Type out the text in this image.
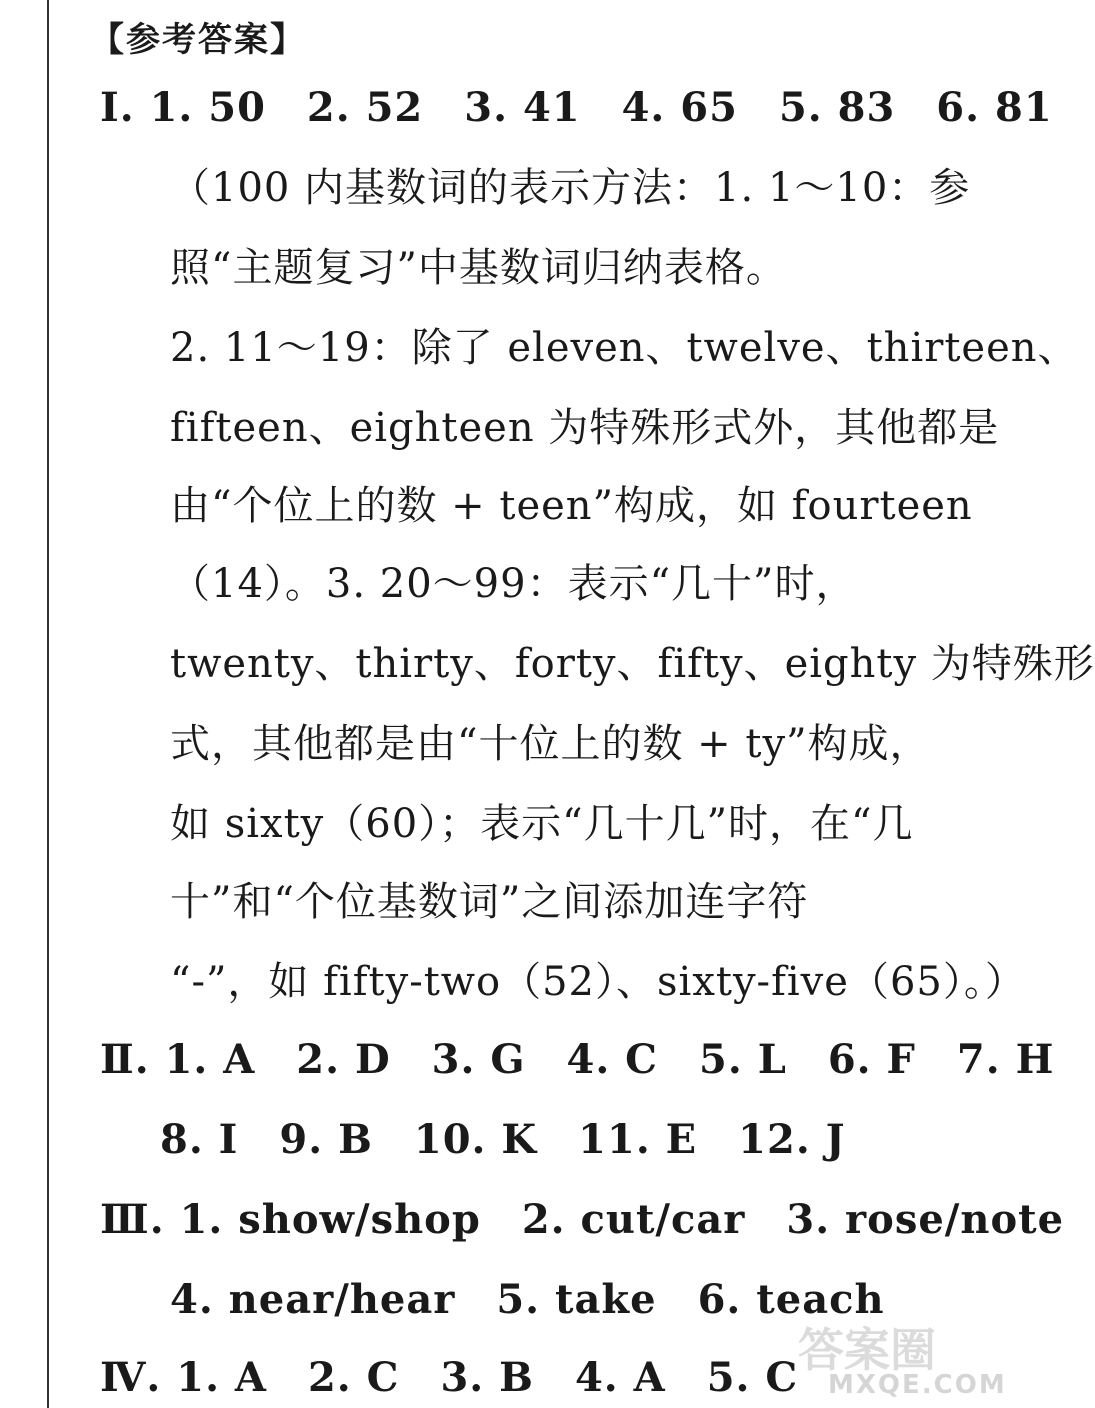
【参考答案】
Ⅰ. 1. 50　2. 52　3. 41　4. 65　5. 83　6. 81
（100 内基数词的表示方法：1. 1～10：参
照“主题复习”中基数词归纳表格。
2. 11～19：除了 eleven、twelve、thirteen、
fifteen、eighteen 为特殊形式外，其他都是
由“个位上的数 + teen”构成，如 fourteen
（14）。3. 20～99：表示“几十”时，
twenty、thirty、forty、fifty、eighty 为特殊形
式，其他都是由“十位上的数 + ty”构成，
如 sixty（60）；表示“几十几”时，在“几
十”和“个位基数词”之间添加连字符
“-”，如 fifty-two（52）、sixty-five（65）。）
Ⅱ. 1. A　2. D　3. G　4. C　5. L　6. F　7. H
8. I　9. B　10. K　11. E　12. J
Ⅲ. 1. show/shop　2. cut/car　3. rose/note
4. near/hear　5. take　6. teach
Ⅳ. 1. A　2. C　3. B　4. A　5. C
答案圈
MXQE.COM
